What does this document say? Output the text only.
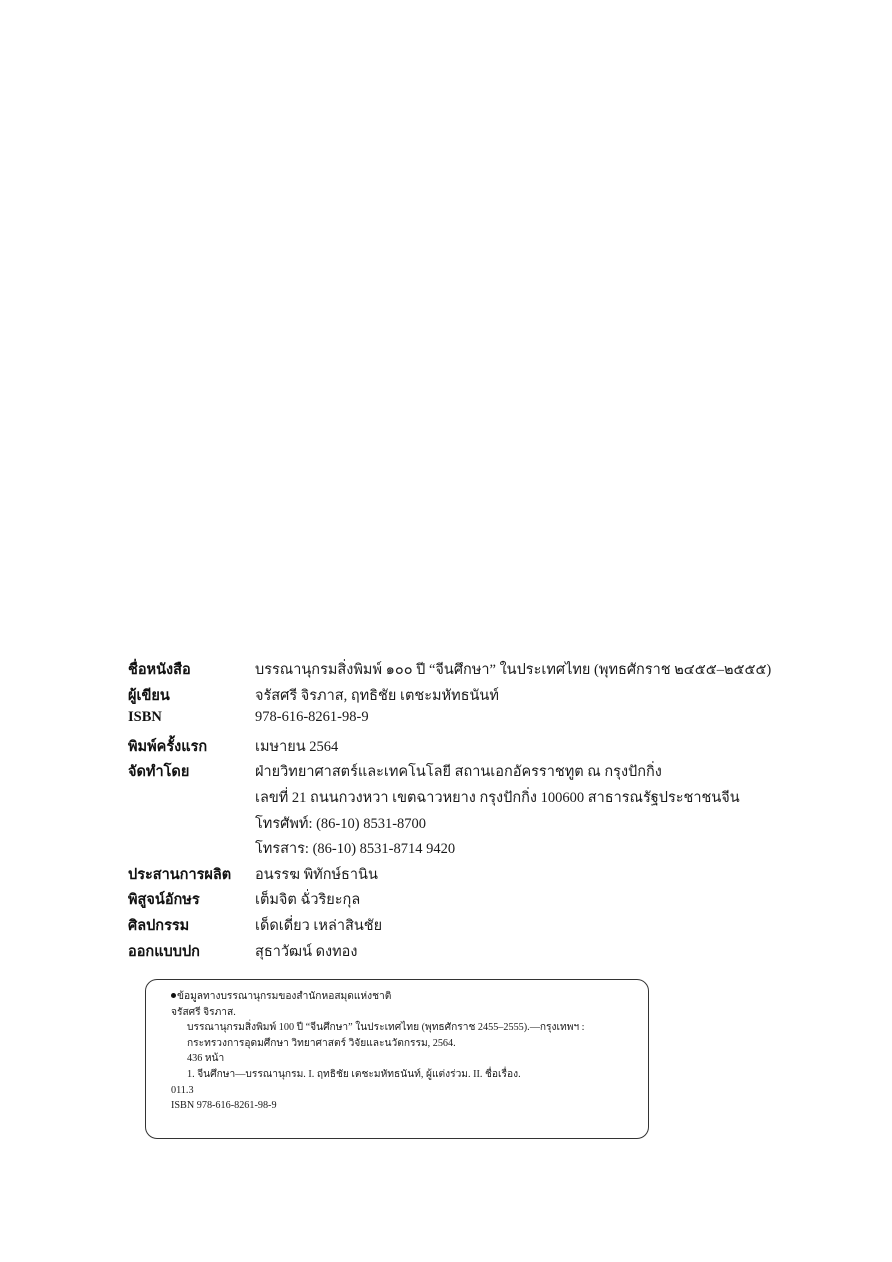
ชื่อหนังสือ	บรรณานุกรมสิ่งพิมพ์ ๑๐๐ ปี “จีนศึกษา” ในประเทศไทย (พุทธศักราช ๒๔๕๕–๒๕๕๕)
ผู้เขียน	จรัสศรี จิรภาส, ฤทธิชัย เตชะมหัทธนันท์
ISBN	978-616-8261-98-9
พิมพ์ครั้งแรก	เมษายน 2564
จัดทำโดย	ฝ่ายวิทยาศาสตร์และเทคโนโลยี สถานเอกอัครราชทูต ณ กรุงปักกิ่ง
เลขที่ 21 ถนนกวงหวา เขตฉาวหยาง กรุงปักกิ่ง 100600 สาธารณรัฐประชาชนจีน
โทรศัพท์: (86-10) 8531-8700
โทรสาร: (86-10) 8531-8714 9420
ประสานการผลิต	อนรรฆ พิทักษ์ธานิน
พิสูจน์อักษร	เต็มจิต ฉั่วริยะกุล
ศิลปกรรม	เด็ดเดี่ยว เหล่าสินชัย
ออกแบบปก	สุธาวัฒน์ ดงทอง
ข้อมูลทางบรรณานุกรมของสำนักหอสมุดแห่งชาติ
จรัสศรี จิรภาส.
บรรณานุกรมสิ่งพิมพ์ 100 ปี “จีนศึกษา” ในประเทศไทย (พุทธศักราช 2455–2555).—กรุงเทพฯ :
กระทรวงการอุดมศึกษา วิทยาศาสตร์ วิจัยและนวัตกรรม, 2564.
436 หน้า
1. จีนศึกษา—บรรณานุกรม. I. ฤทธิชัย เตชะมหัทธนันท์, ผู้แต่งร่วม. II. ชื่อเรื่อง.
011.3
ISBN 978-616-8261-98-9
